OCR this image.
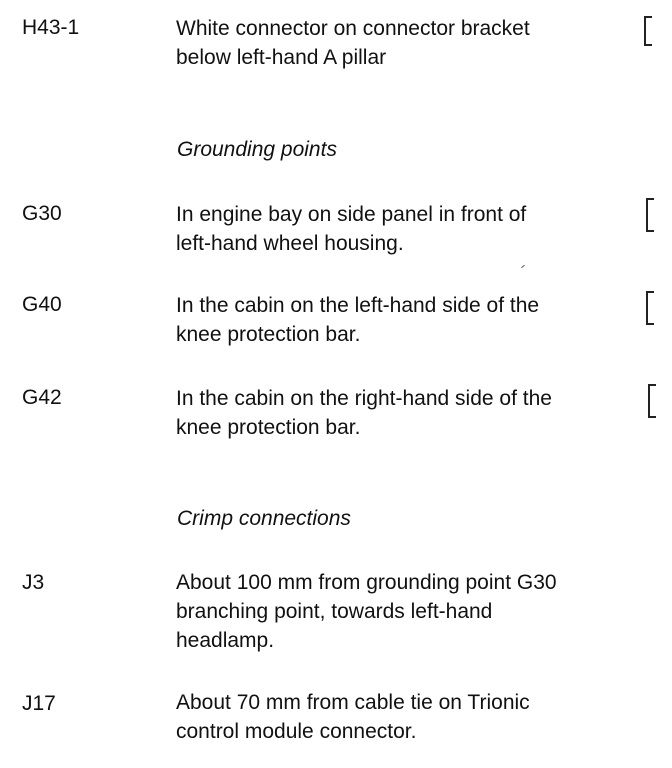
H43-1	White connector on connector bracket
below left-hand A pillar
Grounding points
G30	In engine bay on side panel in front of
left-hand wheel housing.
G40	In the cabin on the left-hand side of the
knee protection bar.
G42	In the cabin on the right-hand side of the
knee protection bar.
Crimp connections
J3	About 100 mm from grounding point G30
branching point, towards left-hand
headlamp.
J17	About 70 mm from cable tie on Trionic
control module connector.
